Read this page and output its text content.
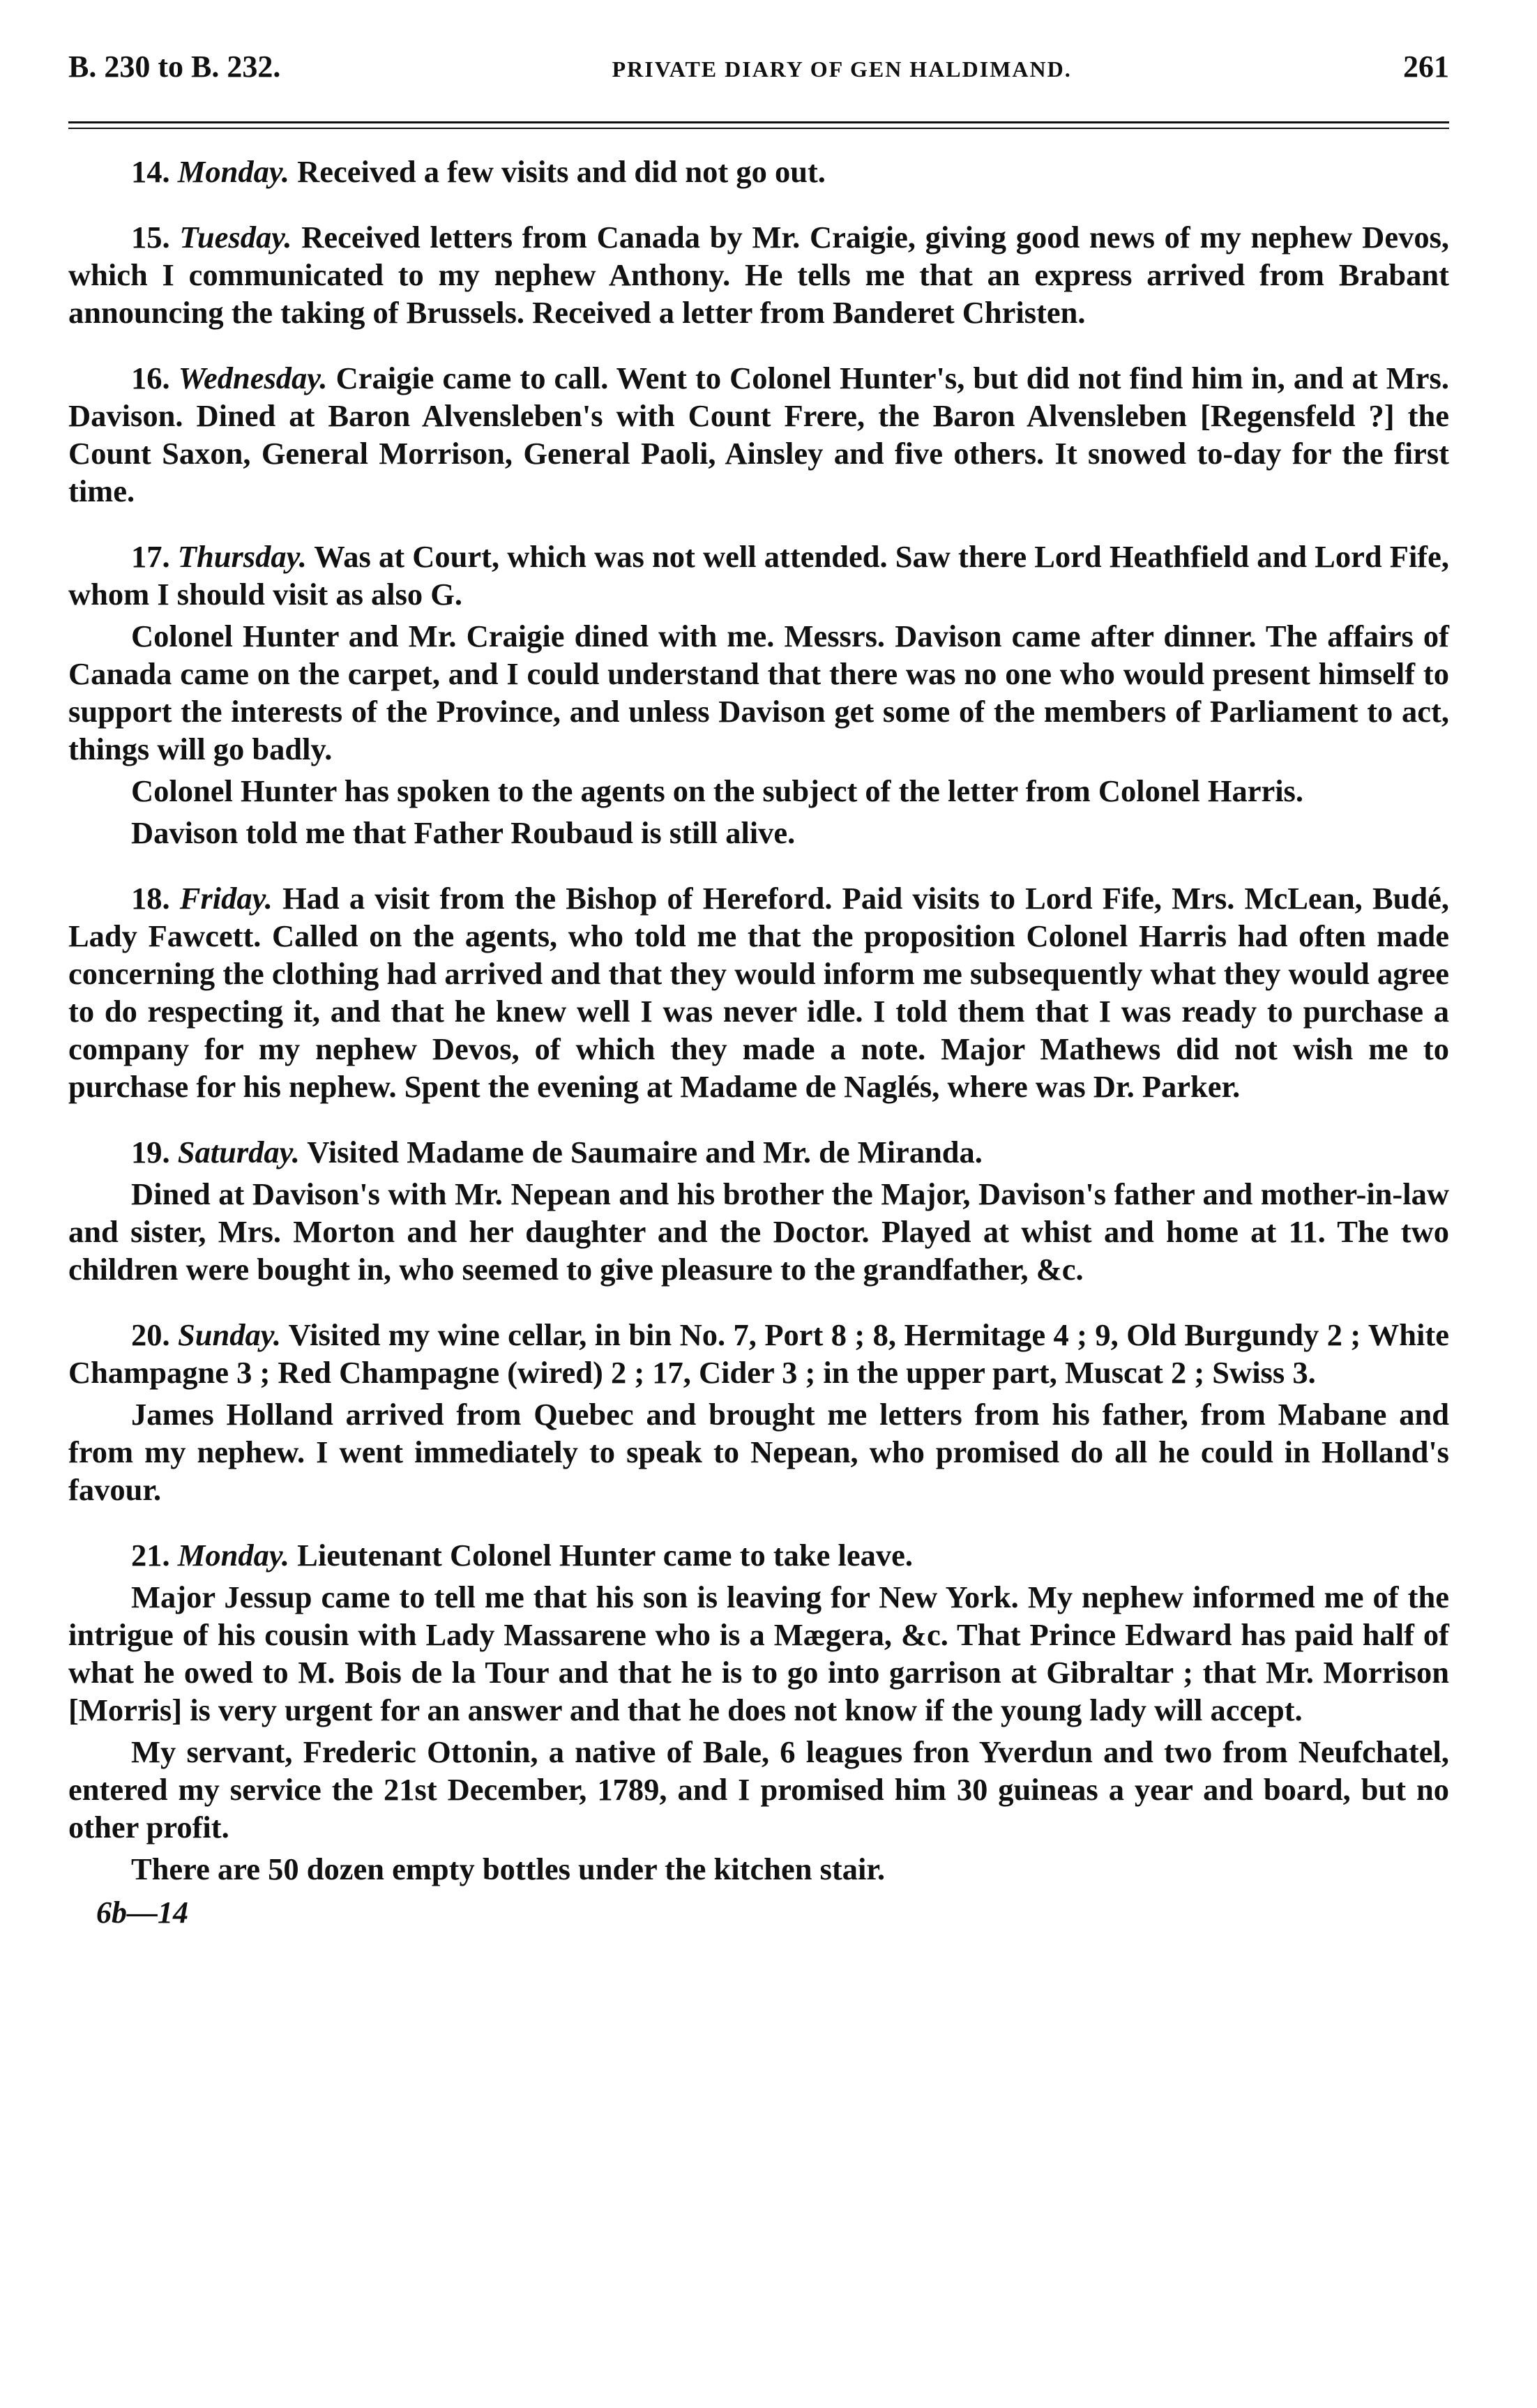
B. 230 to B. 232.	PRIVATE DIARY OF GEN HALDIMAND.	261

14. Monday. Received a few visits and did not go out.

15. Tuesday. Received letters from Canada by Mr. Craigie, giving good news of my nephew Devos, which I communicated to my nephew Anthony. He tells me that an express arrived from Brabant announcing the taking of Brussels. Received a letter from Banderet Christen.

16. Wednesday. Craigie came to call. Went to Colonel Hunter's, but did not find him in, and at Mrs. Davison. Dined at Baron Alvensleben's with Count Frere, the Baron Alvensleben [Regensfeld ?] the Count Saxon, General Morrison, General Paoli, Ainsley and five others. It snowed to-day for the first time.

17. Thursday. Was at Court, which was not well attended. Saw there Lord Heathfield and Lord Fife, whom I should visit as also G.

Colonel Hunter and Mr. Craigie dined with me. Messrs. Davison came after dinner. The affairs of Canada came on the carpet, and I could understand that there was no one who would present himself to support the interests of the Province, and unless Davison get some of the members of Parliament to act, things will go badly.

Colonel Hunter has spoken to the agents on the subject of the letter from Colonel Harris.

Davison told me that Father Roubaud is still alive.

18. Friday. Had a visit from the Bishop of Hereford. Paid visits to Lord Fife, Mrs. McLean, Budé, Lady Fawcett. Called on the agents, who told me that the proposition Colonel Harris had often made concerning the clothing had arrived and that they would inform me subsequently what they would agree to do respecting it, and that he knew well I was never idle. I told them that I was ready to purchase a company for my nephew Devos, of which they made a note. Major Mathews did not wish me to purchase for his nephew. Spent the evening at Madame de Naglés, where was Dr. Parker.

19. Saturday. Visited Madame de Saumaire and Mr. de Miranda.

Dined at Davison's with Mr. Nepean and his brother the Major, Davison's father and mother-in-law and sister, Mrs. Morton and her daughter and the Doctor. Played at whist and home at 11. The two children were bought in, who seemed to give pleasure to the grandfather, &c.

20. Sunday. Visited my wine cellar, in bin No. 7, Port 8 ; 8, Hermitage 4 ; 9, Old Burgundy 2 ; White Champagne 3 ; Red Champagne (wired) 2 ; 17, Cider 3 ; in the upper part, Muscat 2 ; Swiss 3.

James Holland arrived from Quebec and brought me letters from his father, from Mabane and from my nephew. I went immediately to speak to Nepean, who promised do all he could in Holland's favour.

21. Monday. Lieutenant Colonel Hunter came to take leave.

Major Jessup came to tell me that his son is leaving for New York. My nephew informed me of the intrigue of his cousin with Lady Massarene who is a Mægera, &c. That Prince Edward has paid half of what he owed to M. Bois de la Tour and that he is to go into garrison at Gibraltar ; that Mr. Morrison [Morris] is very urgent for an answer and that he does not know if the young lady will accept.

My servant, Frederic Ottonin, a native of Bale, 6 leagues fron Yverdun and two from Neufchatel, entered my service the 21st December, 1789, and I promised him 30 guineas a year and board, but no other profit.

There are 50 dozen empty bottles under the kitchen stair.

6b—14
